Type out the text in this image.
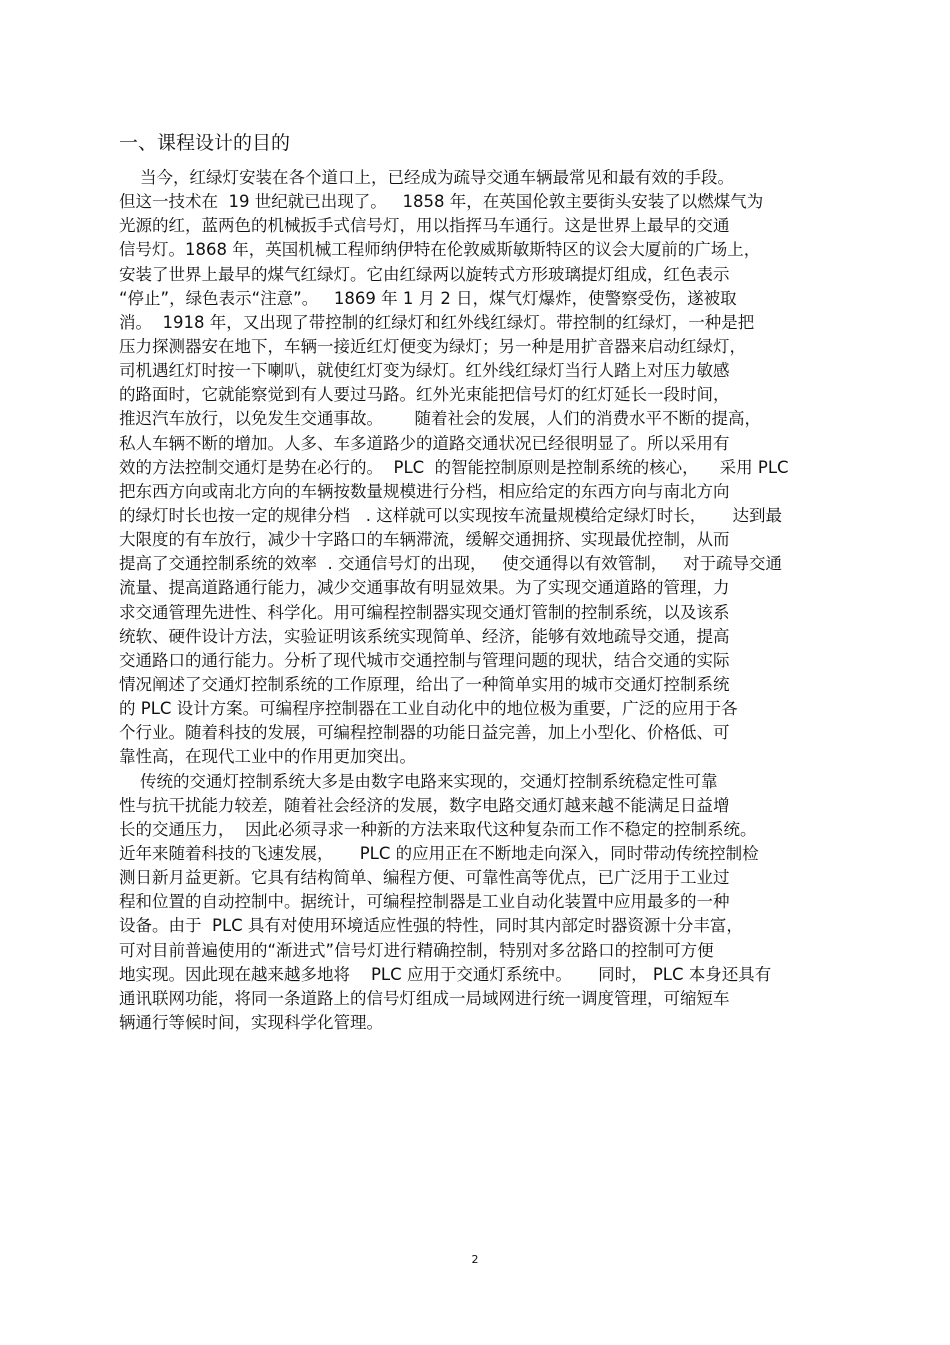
一、课程设计的目的
当今，红绿灯安装在各个道口上，已经成为疏导交通车辆最常见和最有效的手段。
但这一技术在  19 世纪就已出现了。   1858 年，在英国伦敦主要街头安装了以燃煤气为
光源的红，蓝两色的机械扳手式信号灯，用以指挥马车通行。这是世界上最早的交通
信号灯。1868 年，英国机械工程师纳伊特在伦敦威斯敏斯特区的议会大厦前的广场上，
安装了世界上最早的煤气红绿灯。它由红绿两以旋转式方形玻璃提灯组成，红色表示
“停止”，绿色表示“注意”。   1869 年 1 月 2 日，煤气灯爆炸，使警察受伤，遂被取
消。  1918 年，又出现了带控制的红绿灯和红外线红绿灯。带控制的红绿灯，一种是把
压力探测器安在地下，车辆一接近红灯便变为绿灯；另一种是用扩音器来启动红绿灯，
司机遇红灯时按一下喇叭，就使红灯变为绿灯。红外线红绿灯当行人踏上对压力敏感
的路面时，它就能察觉到有人要过马路。红外光束能把信号灯的红灯延长一段时间，
推迟汽车放行，以免发生交通事故。      随着社会的发展，人们的消费水平不断的提高，
私人车辆不断的增加。人多、车多道路少的道路交通状况已经很明显了。所以采用有
效的方法控制交通灯是势在必行的。  PLC  的智能控制原则是控制系统的核心，    采用 PLC
把东西方向或南北方向的车辆按数量规模进行分档，相应给定的东西方向与南北方向
的绿灯时长也按一定的规律分档   . 这样就可以实现按车流量规模给定绿灯时长，     达到最
大限度的有车放行，减少十字路口的车辆滞流，缓解交通拥挤、实现最优控制，从而
提高了交通控制系统的效率  . 交通信号灯的出现，   使交通得以有效管制，   对于疏导交通
流量、提高道路通行能力，减少交通事故有明显效果。为了实现交通道路的管理，力
求交通管理先进性、科学化。用可编程控制器实现交通灯管制的控制系统，以及该系
统软、硬件设计方法，实验证明该系统实现简单、经济，能够有效地疏导交通，提高
交通路口的通行能力。分析了现代城市交通控制与管理问题的现状，结合交通的实际
情况阐述了交通灯控制系统的工作原理，给出了一种简单实用的城市交通灯控制系统
的 PLC 设计方案。可编程序控制器在工业自动化中的地位极为重要，广泛的应用于各
个行业。随着科技的发展，可编程控制器的功能日益完善，加上小型化、价格低、可
靠性高，在现代工业中的作用更加突出。
传统的交通灯控制系统大多是由数字电路来实现的，交通灯控制系统稳定性可靠
性与抗干扰能力较差，随着社会经济的发展，数字电路交通灯越来越不能满足日益增
长的交通压力，  因此必须寻求一种新的方法来取代这种复杂而工作不稳定的控制系统。
近年来随着科技的飞速发展，     PLC 的应用正在不断地走向深入，同时带动传统控制检
测日新月益更新。它具有结构简单、编程方便、可靠性高等优点，已广泛用于工业过
程和位置的自动控制中。据统计，可编程控制器是工业自动化装置中应用最多的一种
设备。由于  PLC 具有对使用环境适应性强的特性，同时其内部定时器资源十分丰富，
可对目前普遍使用的“渐进式”信号灯进行精确控制，特别对多岔路口的控制可方便
地实现。因此现在越来越多地将    PLC 应用于交通灯系统中。     同时， PLC 本身还具有
通讯联网功能，将同一条道路上的信号灯组成一局域网进行统一调度管理，可缩短车
辆通行等候时间，实现科学化管理。
2
